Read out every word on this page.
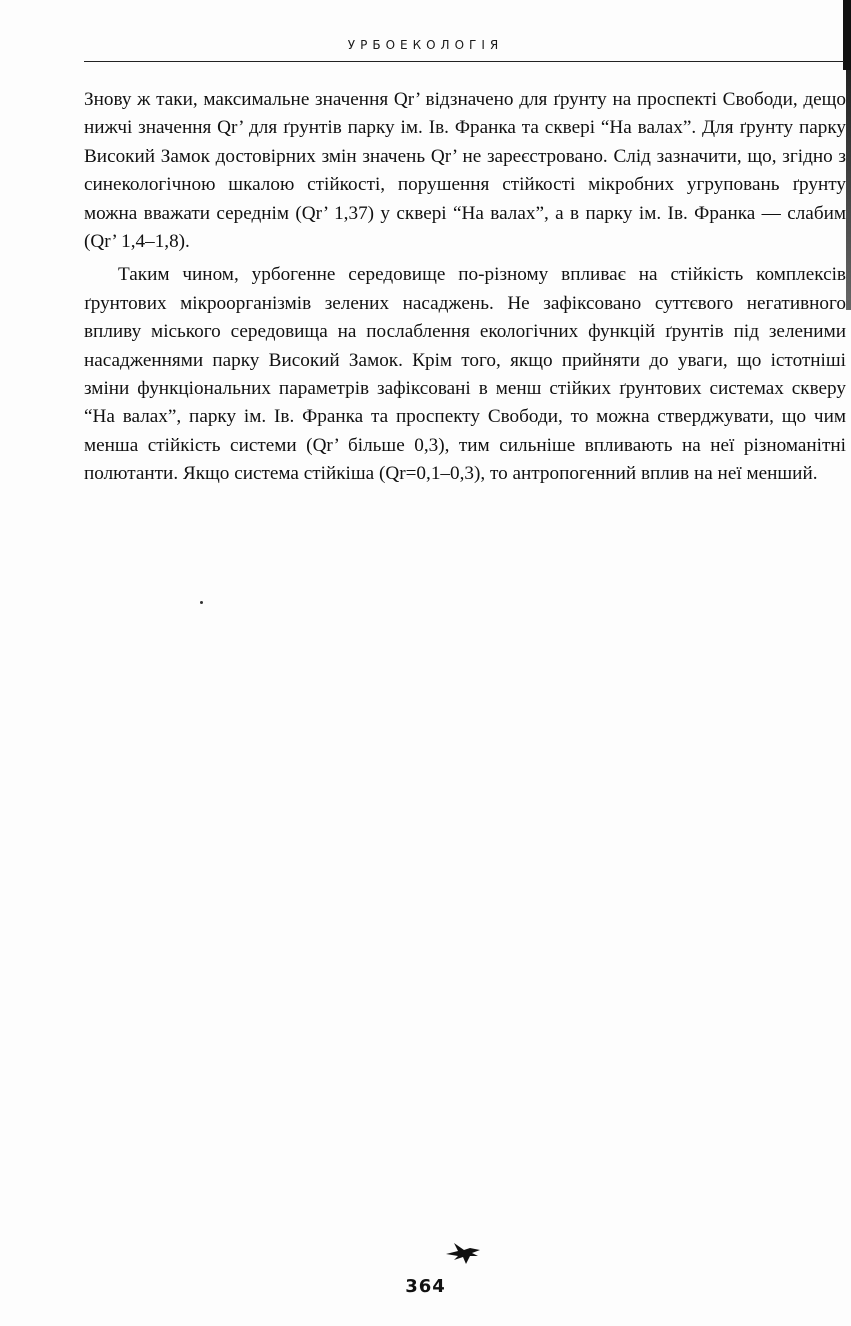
УРБОЕКОЛОГІЯ

Знову ж таки, максимальне значення Qr’ відзначено для ґрунту на проспекті Свободи, дещо нижчі значення Qr’ для ґрунтів парку ім. Ів. Франка та сквері “На валах”. Для ґрунту парку Високий Замок достовірних змін значень Qr’ не зареєстровано. Слід зазначити, що, згідно з синекологічною шкалою стійкості, порушення стійкості мікробних угруповань ґрунту можна вважати середнім (Qr’ 1,37) у сквері “На валах”, а в парку ім. Ів. Франка — слабим (Qr’ 1,4–1,8).

Таким чином, урбогенне середовище по-різному впливає на стійкість комплексів ґрунтових мікроорганізмів зелених насаджень. Не зафіксовано суттєвого негативного впливу міського середовища на послаблення екологічних функцій ґрунтів під зеленими насадженнями парку Високий Замок. Крім того, якщо прийняти до уваги, що істотніші зміни функціональних параметрів зафіксовані в менш стійких ґрунтових системах скверу “На валах”, парку ім. Ів. Франка та проспекту Свободи, то можна стверджувати, що чим менша стійкість системи (Qr’ більше 0,3), тим сильніше впливають на неї різноманітні полютанти. Якщо система стійкіша (Qr=0,1–0,3), то антропогенний вплив на неї менший.

364
